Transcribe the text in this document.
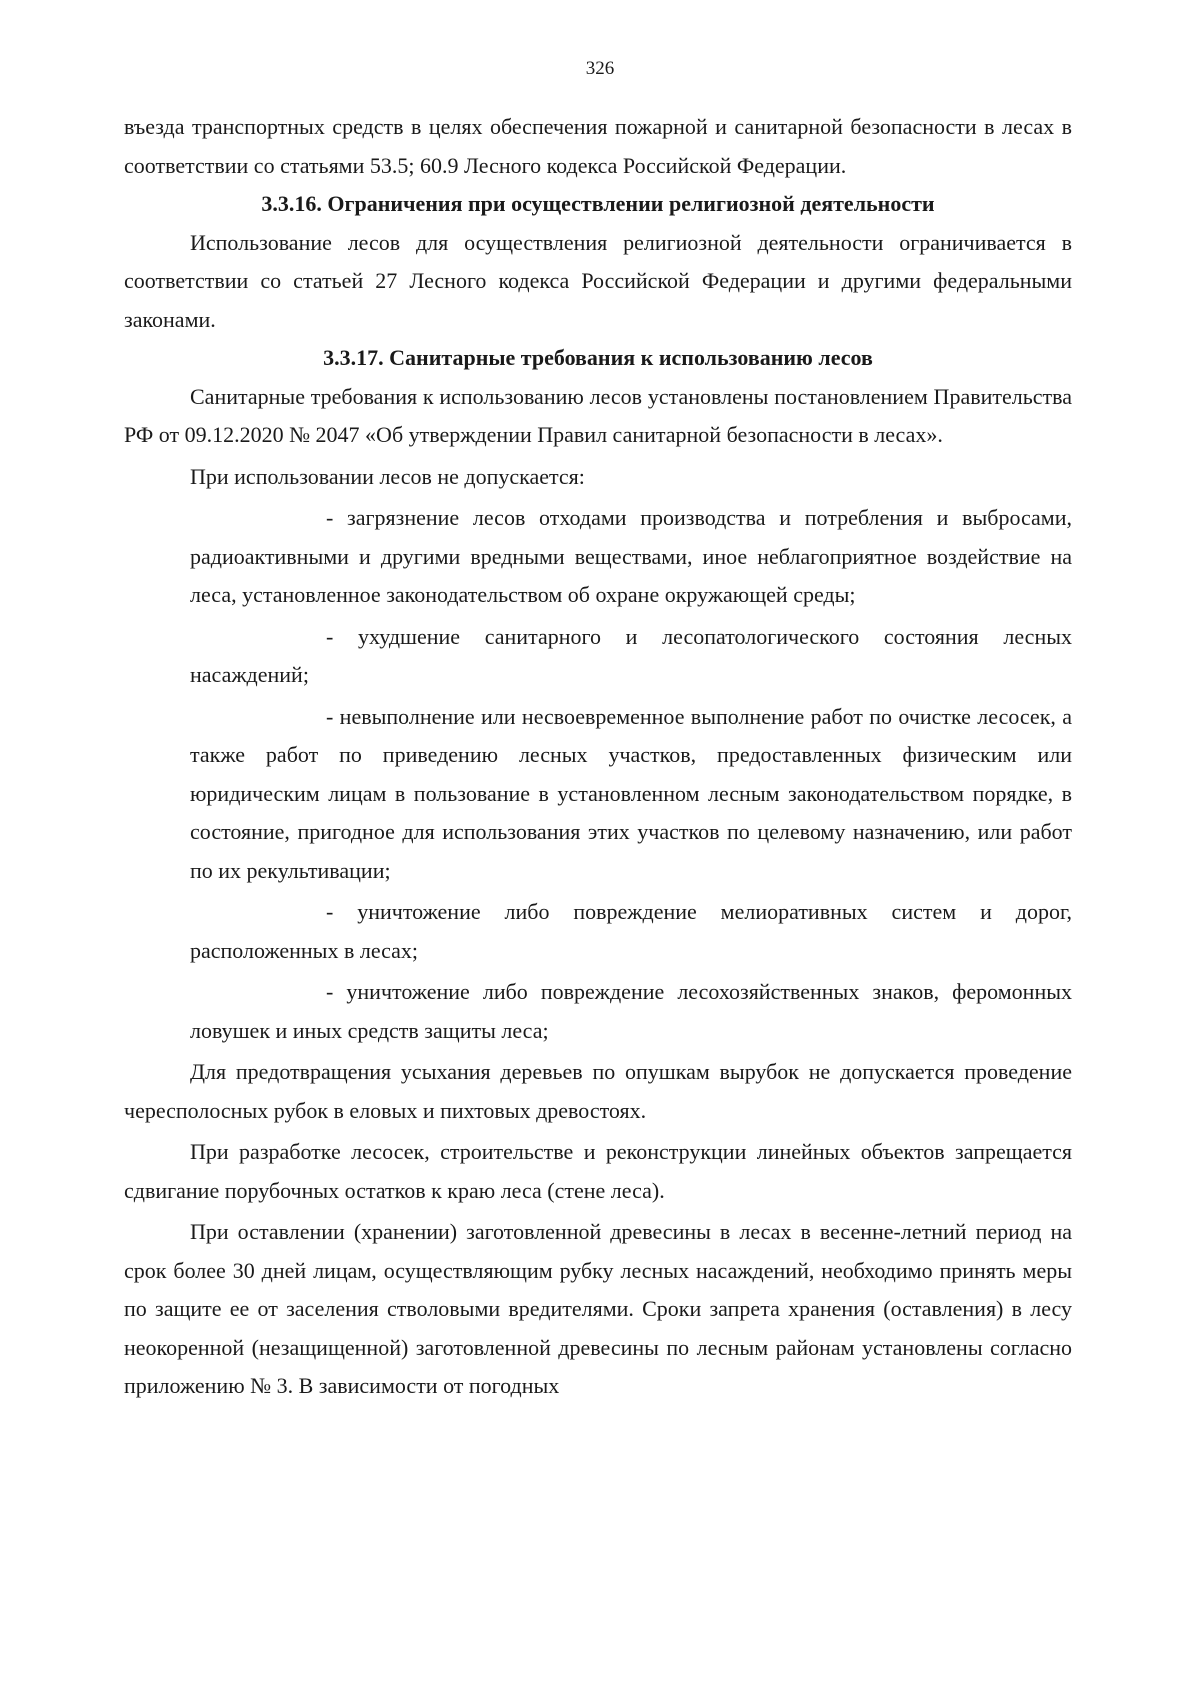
326

въезда транспортных средств в целях обеспечения пожарной и санитарной безопасности в лесах в соответствии со статьями 53.5; 60.9 Лесного кодекса Российской Федерации.

3.3.16. Ограничения при осуществлении религиозной деятельности

Использование лесов для осуществления религиозной деятельности ограничивается в соответствии со статьей 27 Лесного кодекса Российской Федерации и другими федеральными законами.

3.3.17. Санитарные требования к использованию лесов

Санитарные требования к использованию лесов установлены постановлением Правительства РФ от 09.12.2020 № 2047 «Об утверждении Правил санитарной безопасности в лесах».

При использовании лесов не допускается:

- загрязнение лесов отходами производства и потребления и выбросами, радиоактивными и другими вредными веществами, иное неблагоприятное воздействие на леса, установленное законодательством об охране окружающей среды;

- ухудшение санитарного и лесопатологического состояния лесных насаждений;

- невыполнение или несвоевременное выполнение работ по очистке лесосек, а также работ по приведению лесных участков, предоставленных физическим или юридическим лицам в пользование в установленном лесным законодательством порядке, в состояние, пригодное для использования этих участков по целевому назначению, или работ по их рекультивации;

- уничтожение либо повреждение мелиоративных систем и дорог, расположенных в лесах;

- уничтожение либо повреждение лесохозяйственных знаков, феромонных ловушек и иных средств защиты леса;

Для предотвращения усыхания деревьев по опушкам вырубок не допускается проведение чересполосных рубок в еловых и пихтовых древостоях.

При разработке лесосек, строительстве и реконструкции линейных объектов запрещается сдвигание порубочных остатков к краю леса (стене леса).

При оставлении (хранении) заготовленной древесины в лесах в весенне-летний период на срок более 30 дней лицам, осуществляющим рубку лесных насаждений, необходимо принять меры по защите ее от заселения стволовыми вредителями. Сроки запрета хранения (оставления) в лесу неокоренной (незащищенной) заготовленной древесины по лесным районам установлены согласно приложению № 3. В зависимости от погодных
